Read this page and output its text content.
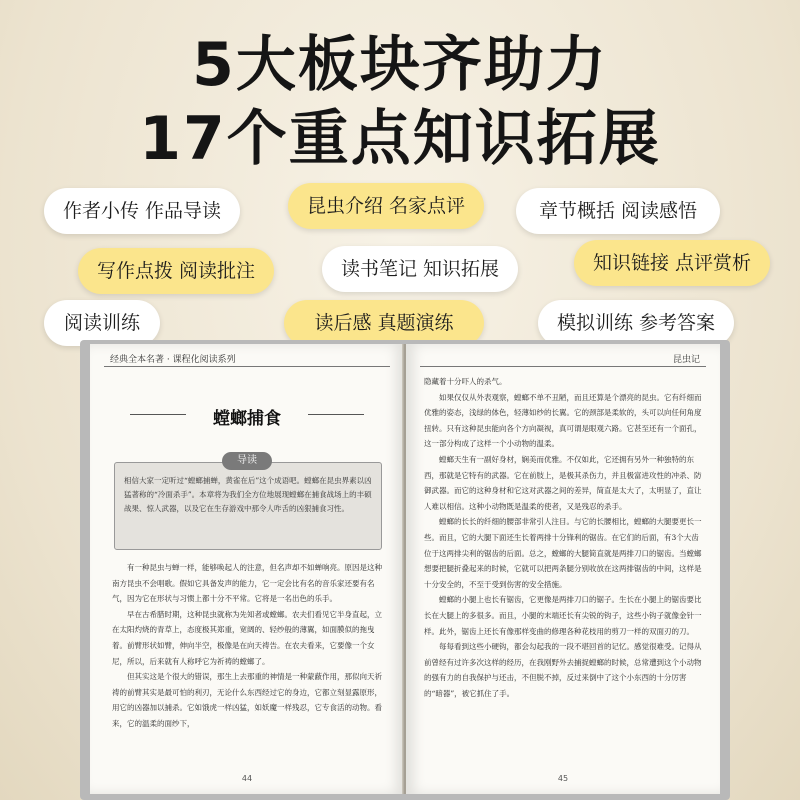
5大板块齐助力
17个重点知识拓展
作者小传 作品导读	昆虫介绍 名家点评	章节概括 阅读感悟
写作点拨 阅读批注	读书笔记 知识拓展	知识链接 点评赏析
阅读训练	读后感 真题演练	模拟训练 参考答案
经典全本名著 · 课程化阅读系列
螳螂捕食
导读
相信大家一定听过“螳螂捕蝉，黄雀在后”这个成语吧。螳螂在昆虫界素以凶猛著称的“冷面杀手”。本章将为我们全方位地展现螳螂在捕食战场上的丰硕战果、惊人武器，以及它在生存游戏中那令人咋舌的凶狠捕食习性。

有一种昆虫与蝉一样，能够唤起人的注意，但名声却不如蝉响亮。原因是这种南方昆虫不会唱歌。假如它具备发声的能力，它一定会比有名的音乐家还要有名气，因为它在形状与习惯上都十分不平常。它将是一名出色的乐手。

早在古希腊时期，这种昆虫就称为先知者或螳螂。农夫们看见它半身直起，立在太阳灼烧的青草上，态度极其郑重，宽阔的、轻纱般的薄翼，如面膜似的拖曳着。前臂形状如臂，伸向半空，极像是在向天祷告。在农夫看来，它要像一个女尼，所以，后来就有人称呼它为祈祷的螳螂了。

但其实这是个很大的错误，那生上去那重的神情是一种蒙蔽作用，那似向天祈祷的前臂其实是最可怕的利刃，无论什么东西经过它的身边，它都立刻显露原形，用它的凶器加以捕杀。它如饿虎一样凶猛，如妖魔一样残忍，它专食活的动物。看来，它的温柔的面纱下，

44
昆虫记

隐藏着十分吓人的杀气。

如果仅仅从外表观察，螳螂不单不丑陋，而且还算是个漂亮的昆虫。它有纤细而优雅的姿态，浅绿的体色，轻薄如纱的长翼。它的颈部是柔软的，头可以向任何角度扭转。只有这种昆虫能向各个方向凝视，真可谓是眼观六路。它甚至还有一个面孔，这一部分构成了这样一个小动物的温柔。

螳螂天生有一副好身材，娴美而优雅。不仅如此，它还拥有另外一种独特的东西，那就是它特有的武器。它在前肢上，是极其杀伤力，并且极富进攻性的冲杀、防御武器。而它的这种身材和它这对武器之间的差异，简直是太大了，太明显了，直让人难以相信。这种小动物既是温柔的使者，又是残忍的杀手。

螳螂的长长的纤细的腰部非常引人注目。与它的长腰相比，螳螂的大腿要更长一些。而且，它的大腿下面还生长着两排十分锋利的锯齿。在它们的后面，有3个大齿位于这两排尖利的锯齿的后面。总之，螳螂的大腿简直就是两排刀口的锯齿。当螳螂想要把腿折叠起来的时候，它就可以把两条腿分别收放在这两排锯齿的中间，这样是十分安全的，不至于受到伤害的安全措施。

螳螂的小腿上也长有锯齿，它更像是两排刀口的锯子。生长在小腿上的锯齿要比长在大腿上的多很多。而且，小腿的末端还长有尖锐的钩子，这些小钩子就像金针一样。此外，锯齿上还长有像那样变曲的修理各种花枝用的剪刀一样的双面刃的刀。

每每看到这些小硬钩，都会勾起我的一段不堪回首的记忆。感觉很难受。记得从前曾经有过许多次这样的经历，在我刚野外去捕捉螳螂的时候，总常遭到这个小动物的强有力的自我保护与还击，不但脱不掉，反过来倒中了这个小东西的十分厉害的“暗器”，被它抓住了手。

45
